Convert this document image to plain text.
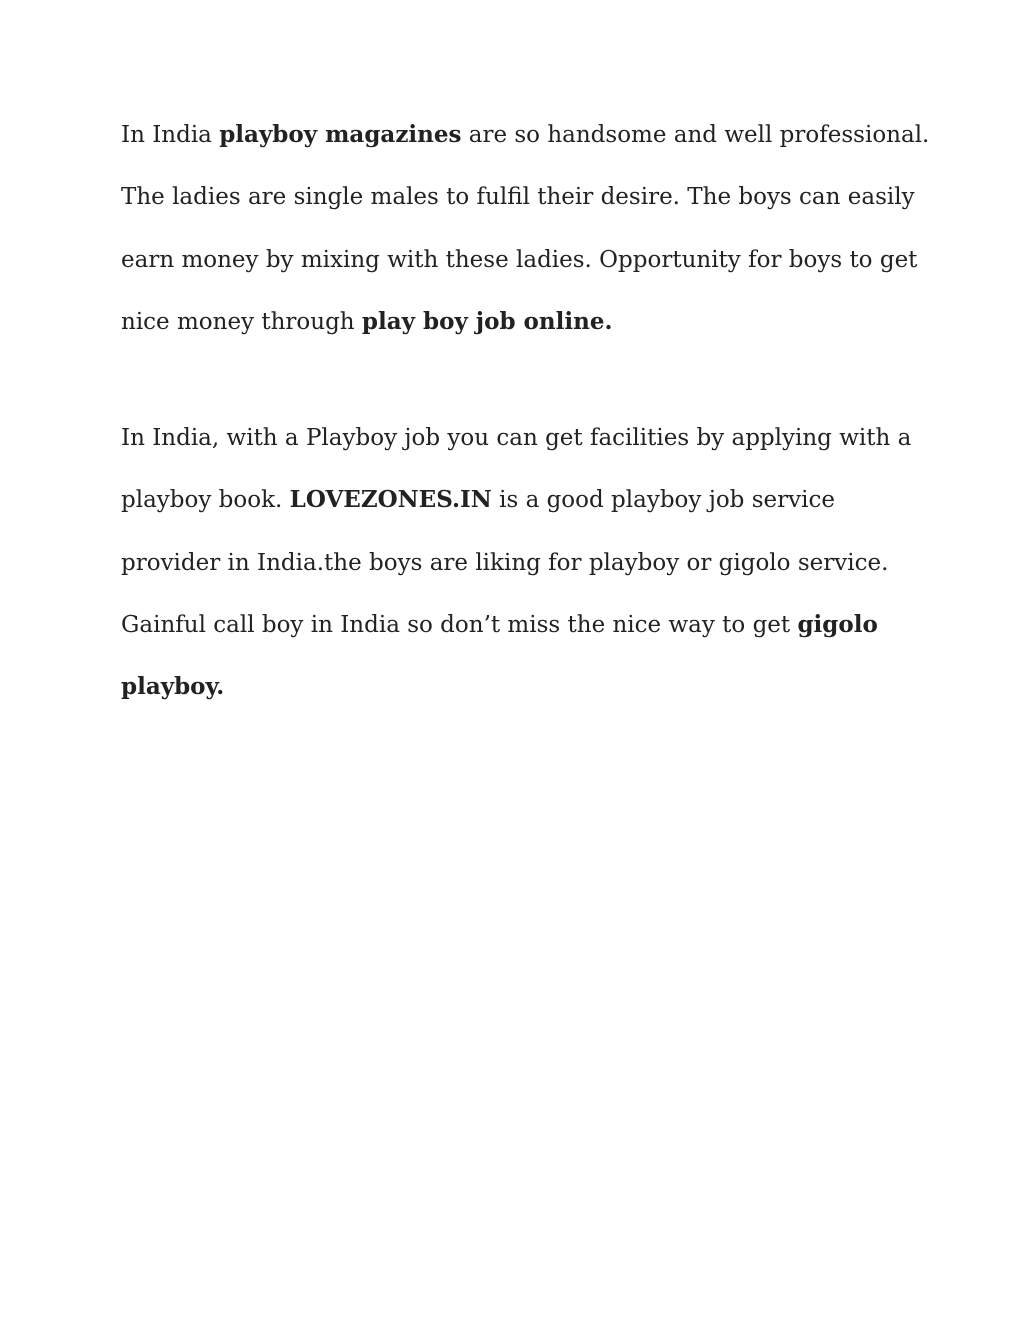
In India playboy magazines are so handsome and well professional.
The ladies are single males to fulfil their desire. The boys can easily
earn money by mixing with these ladies. Opportunity for boys to get
nice money through play boy job online.

In India, with a Playboy job you can get facilities by applying with a
playboy book. LOVEZONES.IN is a good playboy job service
provider in India.the boys are liking for playboy or gigolo service.
Gainful call boy in India so don’t miss the nice way to get gigolo
playboy.
